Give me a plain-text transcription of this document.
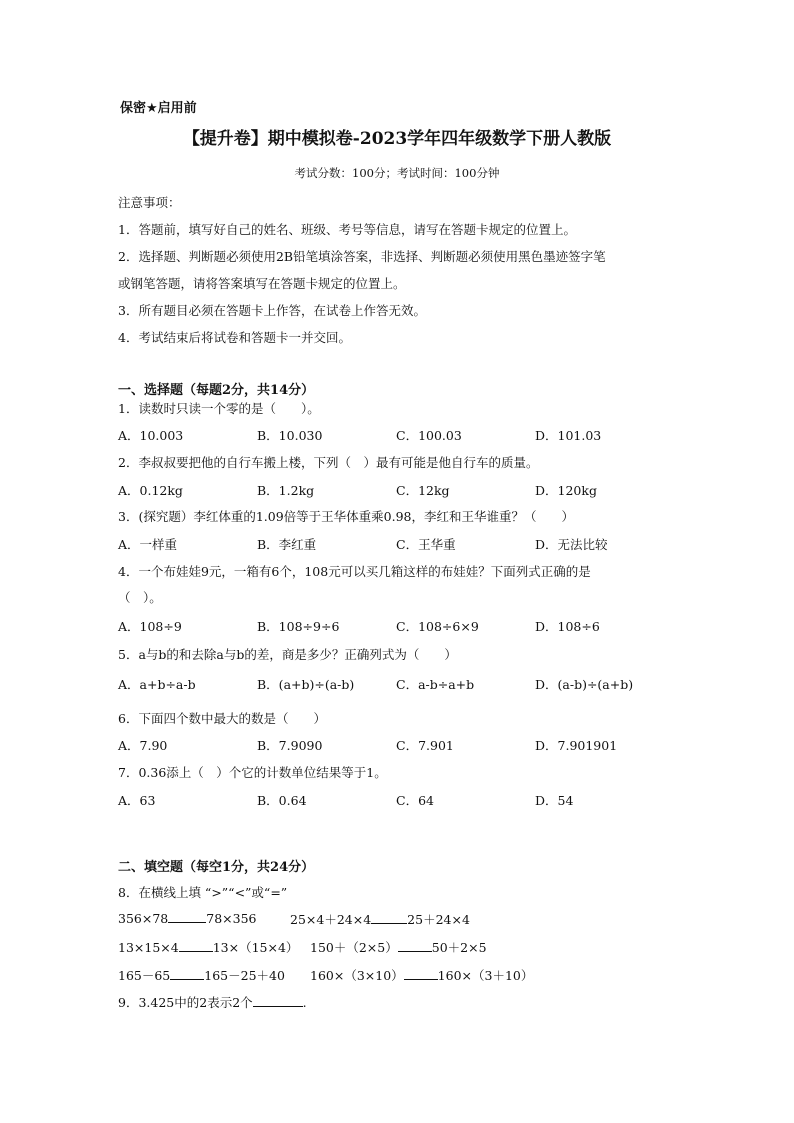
保密★启用前
【提升卷】期中模拟卷-2023学年四年级数学下册人教版
考试分数：100分；考试时间：100分钟
注意事项：
1．答题前，填写好自己的姓名、班级、考号等信息，请写在答题卡规定的位置上。
2．选择题、判断题必须使用2B铅笔填涂答案，非选择、判断题必须使用黑色墨迹签字笔
或钢笔答题，请将答案填写在答题卡规定的位置上。
3．所有题目必须在答题卡上作答，在试卷上作答无效。
4．考试结束后将试卷和答题卡一并交回。
一、选择题（每题2分，共14分）
1．读数时只读一个零的是（　　）。
A．10.003	B．10.030	C．100.03	D．101.03
2．李叔叔要把他的自行车搬上楼，下列（　）最有可能是他自行车的质量。
A．0.12kg	B．1.2kg	C．12kg	D．120kg
3．(探究题）李红体重的1.09倍等于王华体重乘0.98，李红和王华谁重？（　　）
A．一样重	B．李红重	C．王华重	D．无法比较
4．一个布娃娃9元，一箱有6个，108元可以买几箱这样的布娃娃？下面列式正确的是
（　）。
A．108÷9	B．108÷9÷6	C．108÷6×9	D．108÷6
5．a与b的和去除a与b的差，商是多少？正确列式为（　　）
A．a+b÷a-b	B．(a+b)÷(a-b)	C．a-b÷a+b	D．(a-b)÷(a+b)
6．下面四个数中最大的数是（　　）
A．7.90	B．7.9090	C．7.901	D．7.901901
7．0.36添上（　）个它的计数单位结果等于1。
A．63	B．0.64	C．64	D．54
二、填空题（每空1分，共24分）
8．在横线上填 “>”“<”或“=”
356×78	78×356	25×4＋24×4	25＋24×4
13×15×4	13×（15×4） 150＋（2×5）	50＋2×5
165－65	165－25＋40 160×（3×10）	160×（3＋10）
9．3.425中的2表示2个	.
